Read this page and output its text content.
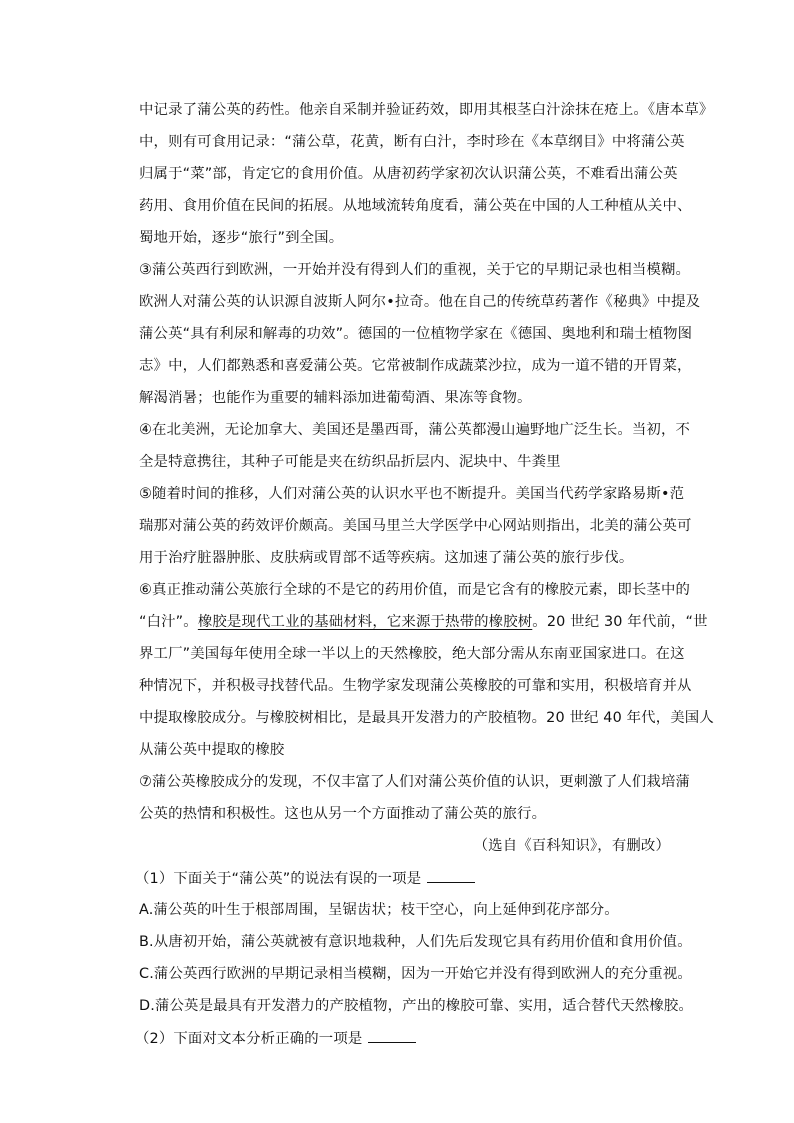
中记录了蒲公英的药性。他亲自采制并验证药效，即用其根茎白汁涂抹在疮上。《唐本草》
中，则有可食用记录：“蒲公草，花黄，断有白汁，李时珍在《本草纲目》中将蒲公英
归属于“菜”部，肯定它的食用价值。从唐初药学家初次认识蒲公英，不难看出蒲公英
药用、食用价值在民间的拓展。从地域流转角度看，蒲公英在中国的人工种植从关中、
蜀地开始，逐步“旅行”到全国。
③蒲公英西行到欧洲，一开始并没有得到人们的重视，关于它的早期记录也相当模糊。
欧洲人对蒲公英的认识源自波斯人阿尔•拉奇。他在自己的传统草药著作《秘典》中提及
蒲公英“具有利尿和解毒的功效”。德国的一位植物学家在《德国、奥地利和瑞士植物图
志》中，人们都熟悉和喜爱蒲公英。它常被制作成蔬菜沙拉，成为一道不错的开胃菜，
解渴消暑；也能作为重要的辅料添加进葡萄酒、果冻等食物。
④在北美洲，无论加拿大、美国还是墨西哥，蒲公英都漫山遍野地广泛生长。当初，不
全是特意携往，其种子可能是夹在纺织品折层内、泥块中、牛粪里
⑤随着时间的推移，人们对蒲公英的认识水平也不断提升。美国当代药学家路易斯•范
瑞那对蒲公英的药效评价颇高。美国马里兰大学医学中心网站则指出，北美的蒲公英可
用于治疗脏器肿胀、皮肤病或胃部不适等疾病。这加速了蒲公英的旅行步伐。
⑥真正推动蒲公英旅行全球的不是它的药用价值，而是它含有的橡胶元素，即长茎中的
“白汁”。橡胶是现代工业的基础材料，它来源于热带的橡胶树。20 世纪 30 年代前，“世
界工厂”美国每年使用全球一半以上的天然橡胶，绝大部分需从东南亚国家进口。在这
种情况下，并积极寻找替代品。生物学家发现蒲公英橡胶的可靠和实用，积极培育并从
中提取橡胶成分。与橡胶树相比，是最具开发潜力的产胶植物。20 世纪 40 年代，美国人
从蒲公英中提取的橡胶
⑦蒲公英橡胶成分的发现，不仅丰富了人们对蒲公英价值的认识，更刺激了人们栽培蒲
公英的热情和积极性。这也从另一个方面推动了蒲公英的旅行。
（选自《百科知识》，有删改）
（1）下面关于“蒲公英”的说法有误的一项是
A.蒲公英的叶生于根部周围，呈锯齿状；枝干空心，向上延伸到花序部分。
B.从唐初开始，蒲公英就被有意识地栽种，人们先后发现它具有药用价值和食用价值。
C.蒲公英西行欧洲的早期记录相当模糊，因为一开始它并没有得到欧洲人的充分重视。
D.蒲公英是最具有开发潜力的产胶植物，产出的橡胶可靠、实用，适合替代天然橡胶。
（2）下面对文本分析正确的一项是
